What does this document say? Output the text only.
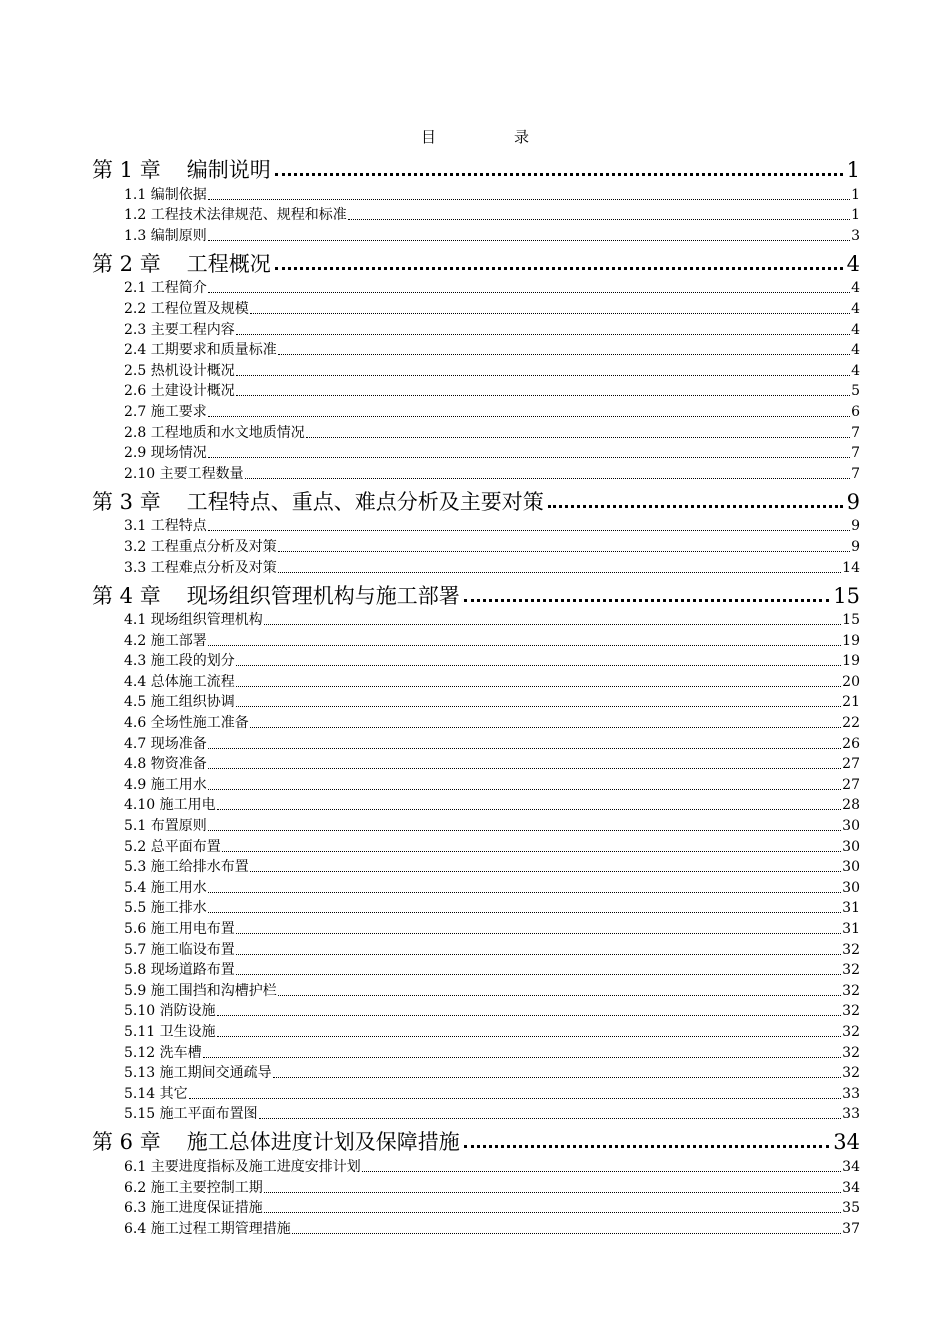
目	录
第 1 章 编制说明	1
1.1 编制依据	1
1.2 工程技术法律规范、规程和标准	1
1.3 编制原则	3
第 2 章 工程概况	4
2.1 工程简介	4
2.2 工程位置及规模	4
2.3 主要工程内容	4
2.4 工期要求和质量标准	4
2.5 热机设计概况	4
2.6 土建设计概况	5
2.7 施工要求	6
2.8 工程地质和水文地质情况	7
2.9 现场情况	7
2.10 主要工程数量	7
第 3 章 工程特点、重点、难点分析及主要对策	9
3.1 工程特点	9
3.2 工程重点分析及对策	9
3.3 工程难点分析及对策	14
第 4 章 现场组织管理机构与施工部署	15
4.1 现场组织管理机构	15
4.2 施工部署	19
4.3 施工段的划分	19
4.4 总体施工流程	20
4.5 施工组织协调	21
4.6 全场性施工准备	22
4.7 现场准备	26
4.8 物资准备	27
4.9 施工用水	27
4.10 施工用电	28
5.1 布置原则	30
5.2 总平面布置	30
5.3 施工给排水布置	30
5.4 施工用水	30
5.5 施工排水	31
5.6 施工用电布置	31
5.7 施工临设布置	32
5.8 现场道路布置	32
5.9 施工围挡和沟槽护栏	32
5.10 消防设施	32
5.11 卫生设施	32
5.12 洗车槽	32
5.13 施工期间交通疏导	32
5.14 其它	33
5.15 施工平面布置图	33
第 6 章 施工总体进度计划及保障措施	34
6.1 主要进度指标及施工进度安排计划	34
6.2 施工主要控制工期	34
6.3 施工进度保证措施	35
6.4 施工过程工期管理措施	37
